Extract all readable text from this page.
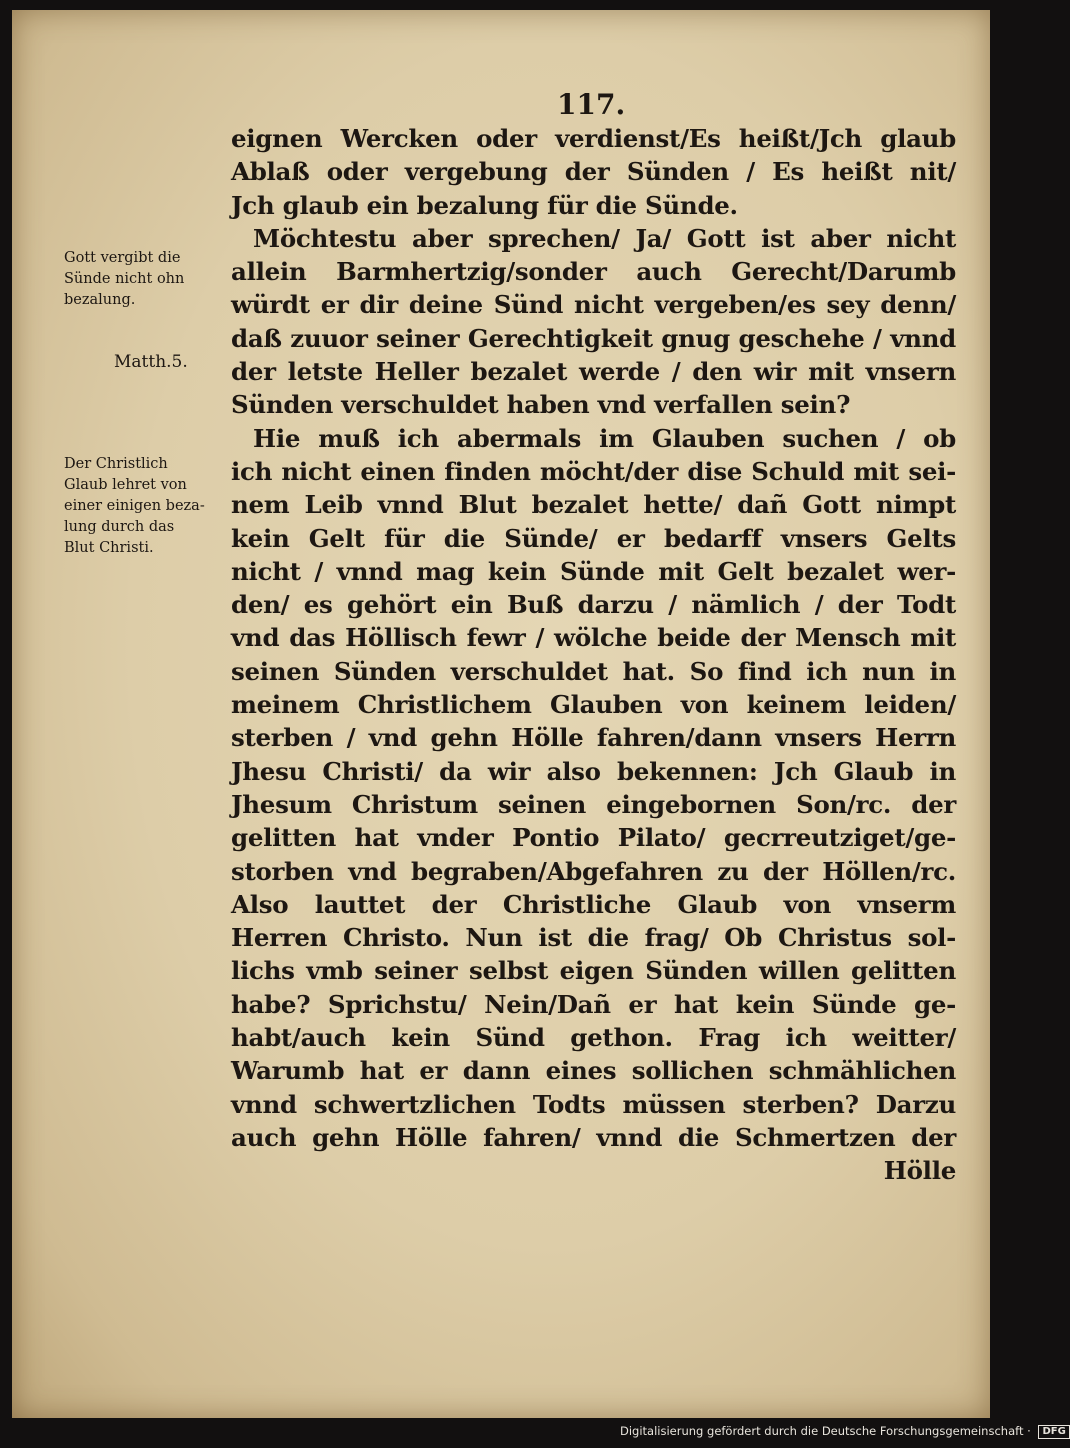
117.
eignen Wercken oder verdienst/Es heißt/Jch glaub
Ablaß oder vergebung der Sünden / Es heißt nit/
Jch glaub ein bezalung für die Sünde.
Möchtestu aber sprechen/ Ja/ Gott ist aber nicht
allein Barmhertzig/sonder auch Gerecht/Darumb
würdt er dir deine Sünd nicht vergeben/es sey denn/
daß zuuor seiner Gerechtigkeit gnug geschehe / vnnd
der letste Heller bezalet werde / den wir mit vnsern
Sünden verschuldet haben vnd verfallen sein?
Hie muß ich abermals im Glauben suchen / ob
ich nicht einen finden möcht/der dise Schuld mit sei-
nem Leib vnnd Blut bezalet hette/ dañ Gott nimpt
kein Gelt für die Sünde/ er bedarff vnsers Gelts
nicht / vnnd mag kein Sünde mit Gelt bezalet wer-
den/ es gehört ein Buß darzu / nämlich / der Todt
vnd das Höllisch fewr / wölche beide der Mensch mit
seinen Sünden verschuldet hat. So find ich nun in
meinem Christlichem Glauben von keinem leiden/
sterben / vnd gehn Hölle fahren/dann vnsers Herrn
Jhesu Christi/ da wir also bekennen: Jch Glaub in
Jhesum Christum seinen eingebornen Son/rc. der
gelitten hat vnder Pontio Pilato/ gecrreutziget/ge-
storben vnd begraben/Abgefahren zu der Höllen/rc.
Also lauttet der Christliche Glaub von vnserm
Herren Christo. Nun ist die frag/ Ob Christus sol-
lichs vmb seiner selbst eigen Sünden willen gelitten
habe? Sprichstu/ Nein/Dañ er hat kein Sünde ge-
habt/auch kein Sünd gethon. Frag ich weitter/
Warumb hat er dann eines sollichen schmählichen
vnnd schwertzlichen Todts müssen sterben? Darzu
auch gehn Hölle fahren/ vnnd die Schmertzen der
Hölle
Gott vergibt die
Sünde nicht ohn
bezalung.
Matth.5.
Der Christlich
Glaub lehret von
einer einigen beza-
lung durch das
Blut Christi.
Digitalisierung gefördert durch die Deutsche Forschungsgemeinschaft · DFG
